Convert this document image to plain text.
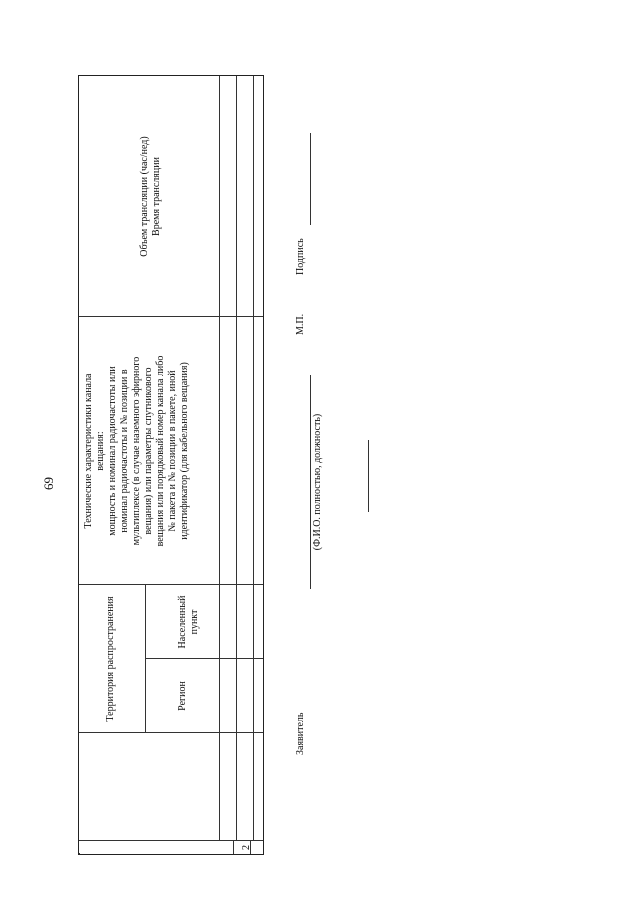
69
2
Территория распространения	Регион
Населенный пункт
Технические характеристики канала вещания: мощность и номинал радиочастоты или номинал радиочастоты и № позиции в мультиплексе (в случае наземного эфирного вещания) или параметры спутникового вещания или порядковый номер канала либо № пакета и № позиции в пакете, иной идентификатор (для кабельного вещания)
Объем трансляции (час/нед) Время трансляции
Заявитель
(Ф.И.О. полностью, должность)
М.П.
Подпись
